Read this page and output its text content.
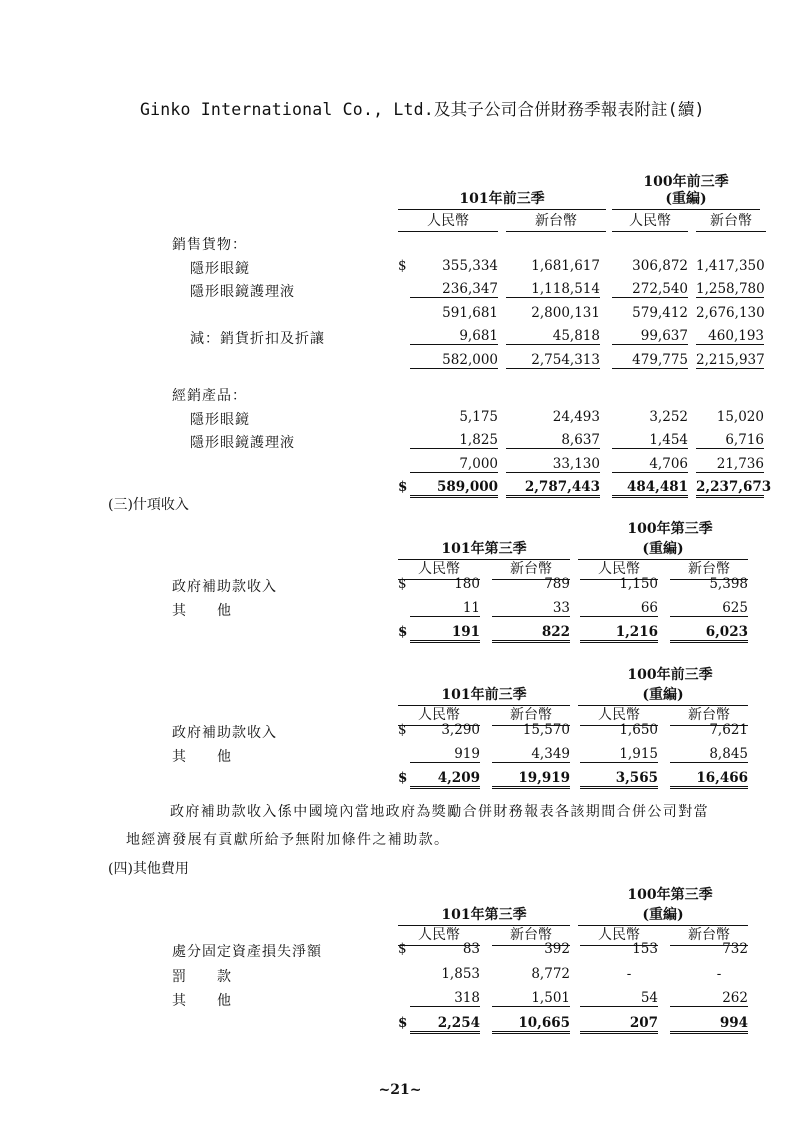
Ginko International Co., Ltd.及其子公司合併財務季報表附註(續)
100年前三季
101年前三季	(重編)
人民幣	新台幣	人民幣	新台幣
銷售貨物：
隱形眼鏡	$	355,334	1,681,617	306,872 1,417,350
隱形眼鏡護理液	236,347	1,118,514	272,540 1,258,780
591,681	2,800,131	579,412 2,676,130
減：銷貨折扣及折讓	9,681	45,818	99,637	460,193
582,000	2,754,313	479,775 2,215,937
經銷產品：
隱形眼鏡	5,175	24,493	3,252	15,020
隱形眼鏡護理液	1,825	8,637	1,454	6,716
7,000	33,130	4,706	21,736
$	589,000	2,787,443	484,481 2,237,673
(三)什項收入
100年第三季
101年第三季	(重編)
人民幣	新台幣	人民幣	新台幣
政府補助款收入	$	180	789	1,150	5,398
其　　他	11	33	66	625
$	191	822	1,216	6,023
100年前三季
101年前三季	(重編)
人民幣	新台幣	人民幣	新台幣
政府補助款收入	$	3,290	15,570	1,650	7,621
其　　他	919	4,349	1,915	8,845
$	4,209	19,919	3,565	16,466
政府補助款收入係中國境內當地政府為獎勵合併財務報表各該期間合併公司對當
地經濟發展有貢獻所給予無附加條件之補助款。
(四)其他費用
100年第三季
101年第三季	(重編)
人民幣	新台幣	人民幣	新台幣
處分固定資產損失淨額	$	83	392	153	732
罰　　款	1,853	8,772	-	-
其　　他	318	1,501	54	262
$	2,254	10,665	207	994
~21~
